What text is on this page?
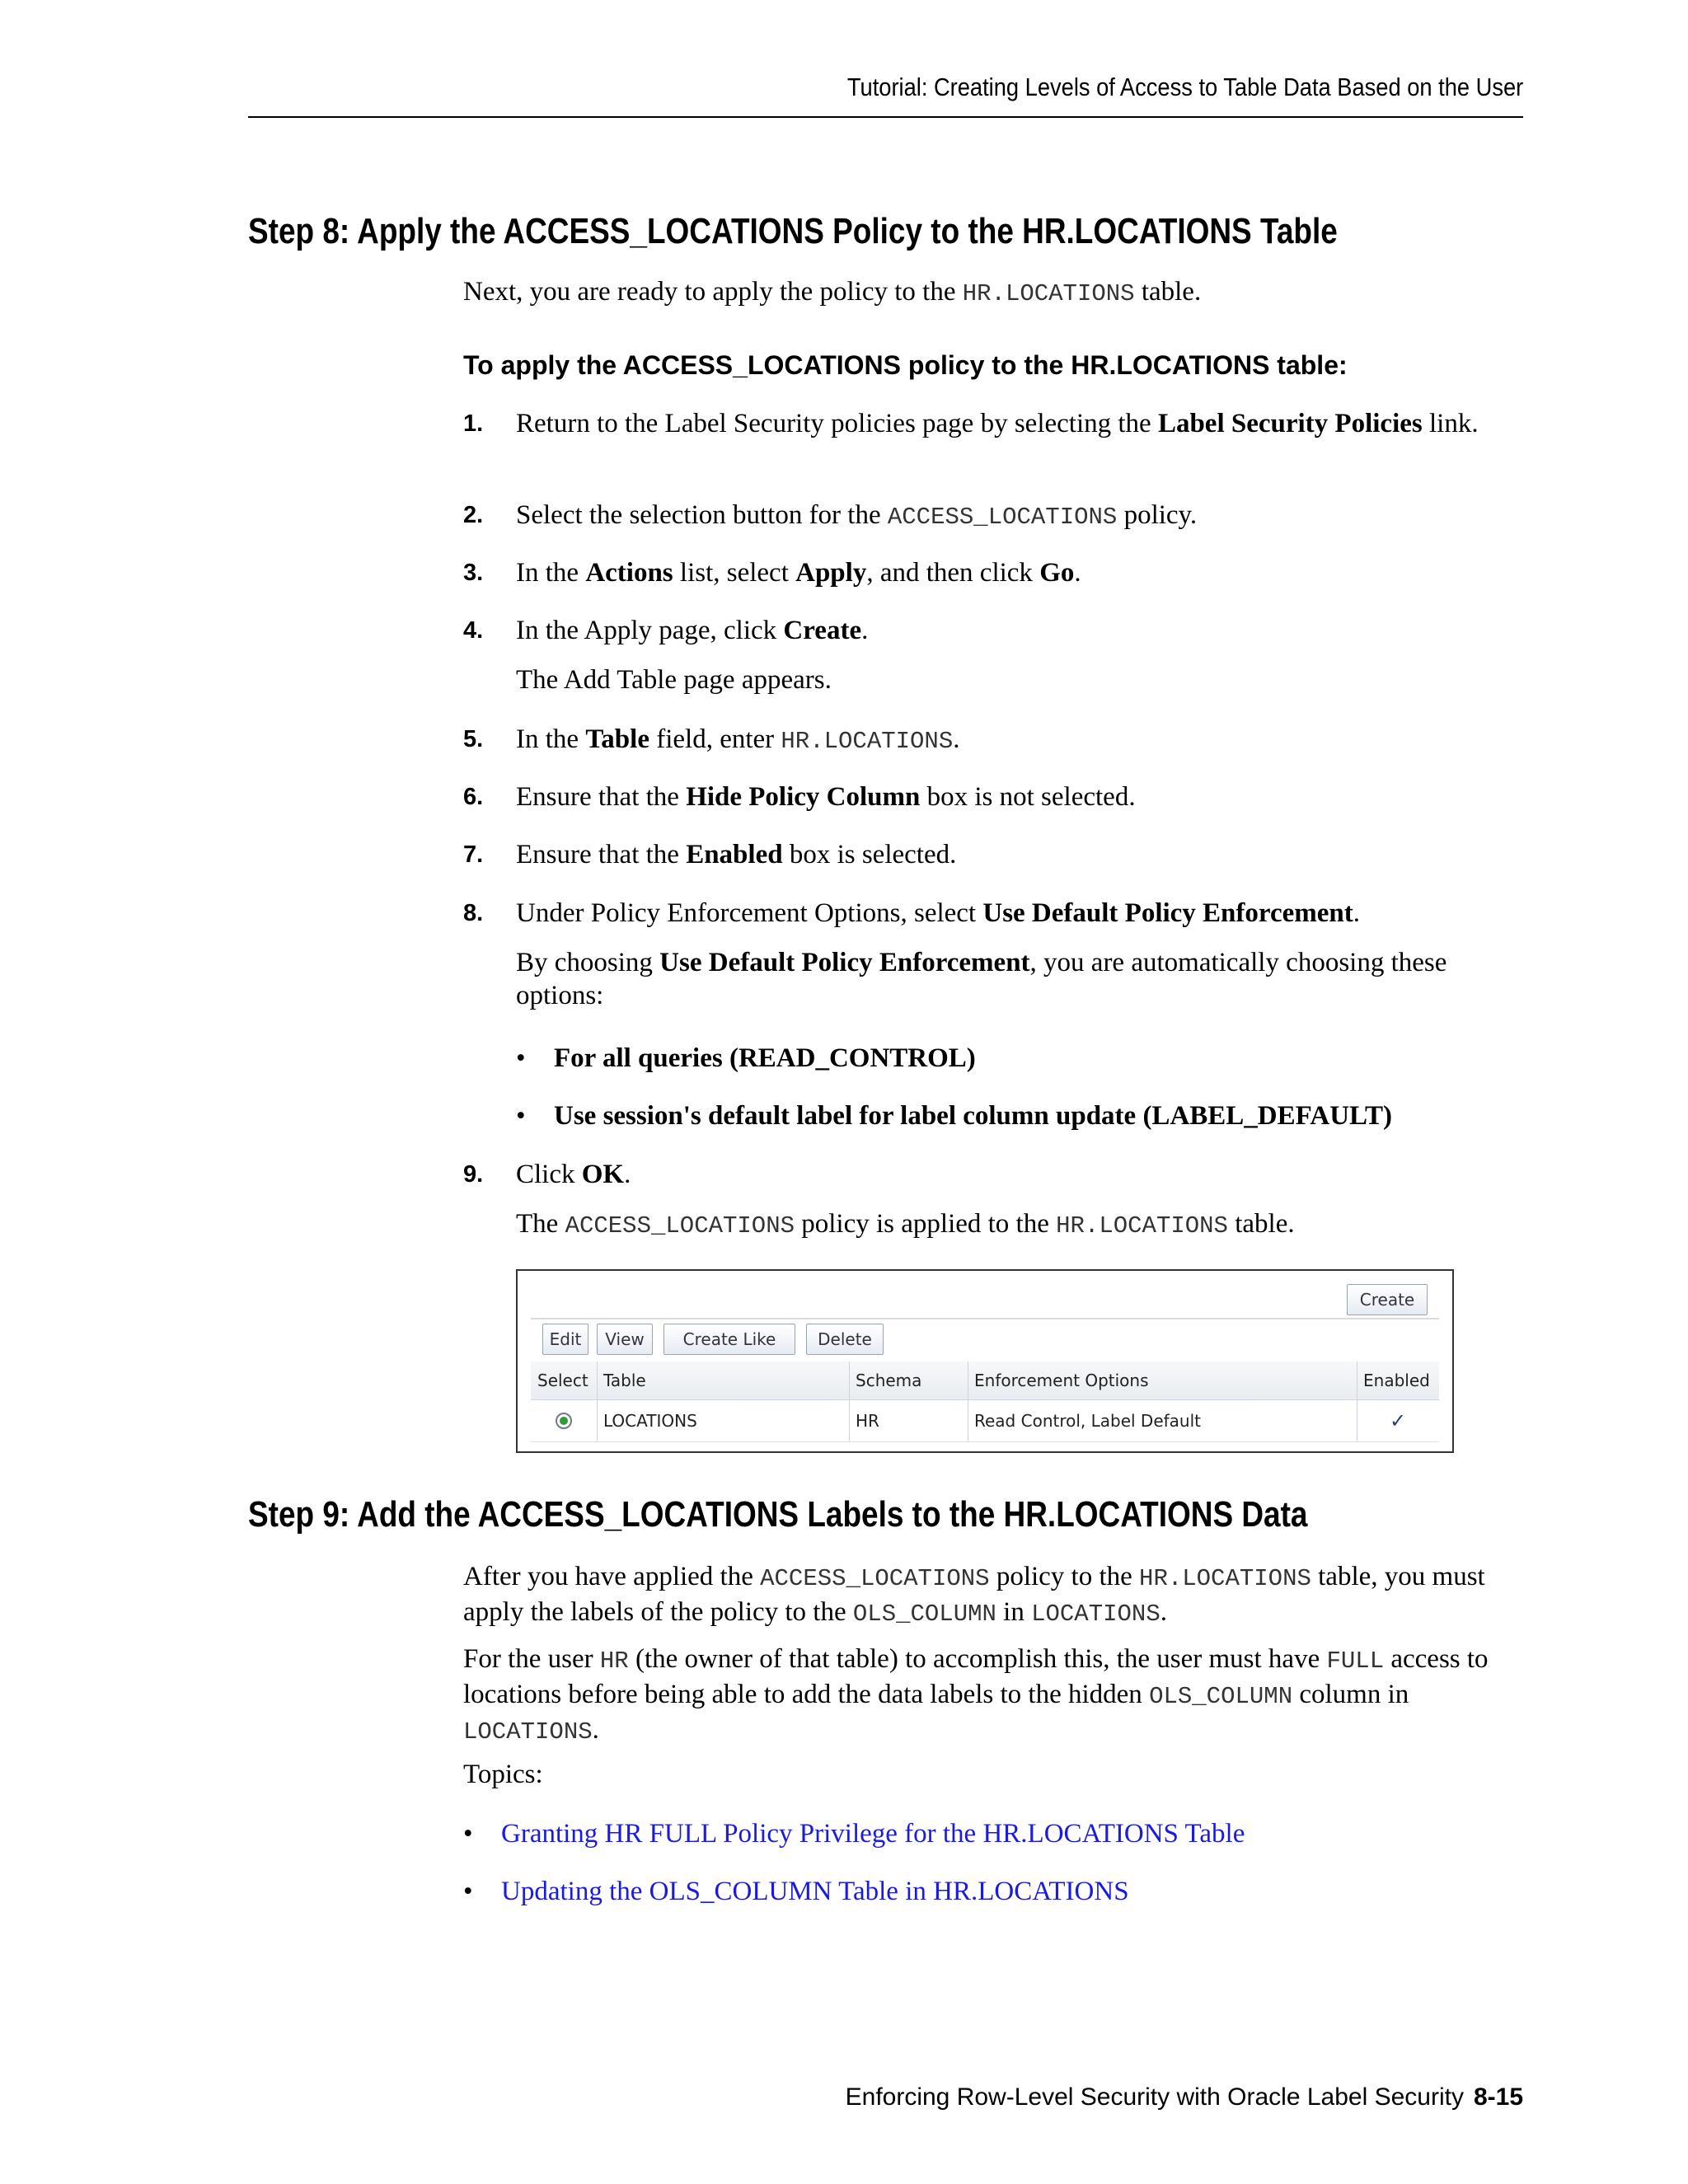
Tutorial: Creating Levels of Access to Table Data Based on the User
Step 8: Apply the ACCESS_LOCATIONS Policy to the HR.LOCATIONS Table

Next, you are ready to apply the policy to the HR.LOCATIONS table.

To apply the ACCESS_LOCATIONS policy to the HR.LOCATIONS table:
1. Return to the Label Security policies page by selecting the Label Security Policies link.
2. Select the selection button for the ACCESS_LOCATIONS policy.
3. In the Actions list, select Apply, and then click Go.
4. In the Apply page, click Create.
The Add Table page appears.
5. In the Table field, enter HR.LOCATIONS.
6. Ensure that the Hide Policy Column box is not selected.
7. Ensure that the Enabled box is selected.
8. Under Policy Enforcement Options, select Use Default Policy Enforcement.
By choosing Use Default Policy Enforcement, you are automatically choosing these options:
• For all queries (READ_CONTROL)
• Use session's default label for label column update (LABEL_DEFAULT)
9. Click OK.
The ACCESS_LOCATIONS policy is applied to the HR.LOCATIONS table.
Create
Edit	View	Create Like	Delete
Select Table	Schema	Enforcement Options	Enabled
LOCATIONS	HR	Read Control, Label Default	✓
Step 9: Add the ACCESS_LOCATIONS Labels to the HR.LOCATIONS Data

After you have applied the ACCESS_LOCATIONS policy to the HR.LOCATIONS table, you must apply the labels of the policy to the OLS_COLUMN in LOCATIONS.

For the user HR (the owner of that table) to accomplish this, the user must have FULL access to locations before being able to add the data labels to the hidden OLS_COLUMN column in LOCATIONS.

Topics:

• Granting HR FULL Policy Privilege for the HR.LOCATIONS Table
• Updating the OLS_COLUMN Table in HR.LOCATIONS
Enforcing Row-Level Security with Oracle Label Security 8-15
